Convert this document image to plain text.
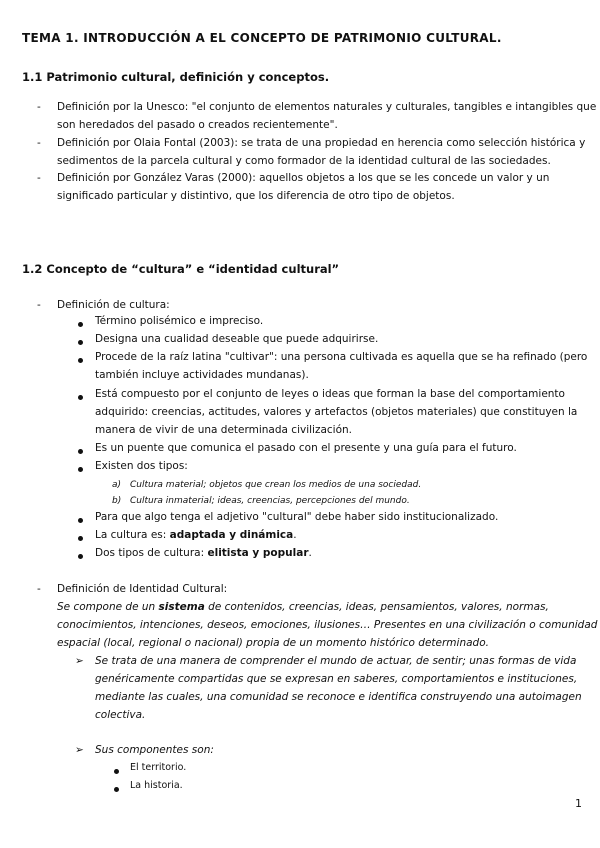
TEMA 1. INTRODUCCIÓN A EL CONCEPTO DE PATRIMONIO CULTURAL.
1.1 Patrimonio cultural, definición y conceptos.
- Definición por la Unesco: "el conjunto de elementos naturales y culturales, tangibles e intangibles que
son heredados del pasado o creados recientemente".
- Definición por Olaia Fontal (2003): se trata de una propiedad en herencia como selección histórica y
sedimentos de la parcela cultural y como formador de la identidad cultural de las sociedades.
- Definición por González Varas (2000): aquellos objetos a los que se les concede un valor y un
significado particular y distintivo, que los diferencia de otro tipo de objetos.
1.2 Concepto de “cultura” e “identidad cultural”
- Definición de cultura:
Término polisémico e impreciso.
Designa una cualidad deseable que puede adquirirse.
Procede de la raíz latina "cultivar": una persona cultivada es aquella que se ha refinado (pero
también incluye actividades mundanas).
Está compuesto por el conjunto de leyes o ideas que forman la base del comportamiento
adquirido: creencias, actitudes, valores y artefactos (objetos materiales) que constituyen la
manera de vivir de una determinada civilización.
Es un puente que comunica el pasado con el presente y una guía para el futuro.
Existen dos tipos:
a) Cultura material; objetos que crean los medios de una sociedad.
b) Cultura inmaterial; ideas, creencias, percepciones del mundo.
Para que algo tenga el adjetivo "cultural" debe haber sido institucionalizado.
La cultura es: adaptada y dinámica.
Dos tipos de cultura: elitista y popular.
- Definición de Identidad Cultural:
Se compone de un sistema de contenidos, creencias, ideas, pensamientos, valores, normas,
conocimientos, intenciones, deseos, emociones, ilusiones… Presentes en una civilización o comunidad
espacial (local, regional o nacional) propia de un momento histórico determinado.
➢ Se trata de una manera de comprender el mundo de actuar, de sentir; unas formas de vida
genéricamente compartidas que se expresan en saberes, comportamientos e instituciones,
mediante las cuales, una comunidad se reconoce e identifica construyendo una autoimagen
colectiva.
➢ Sus componentes son:
El territorio.
La historia.
1
